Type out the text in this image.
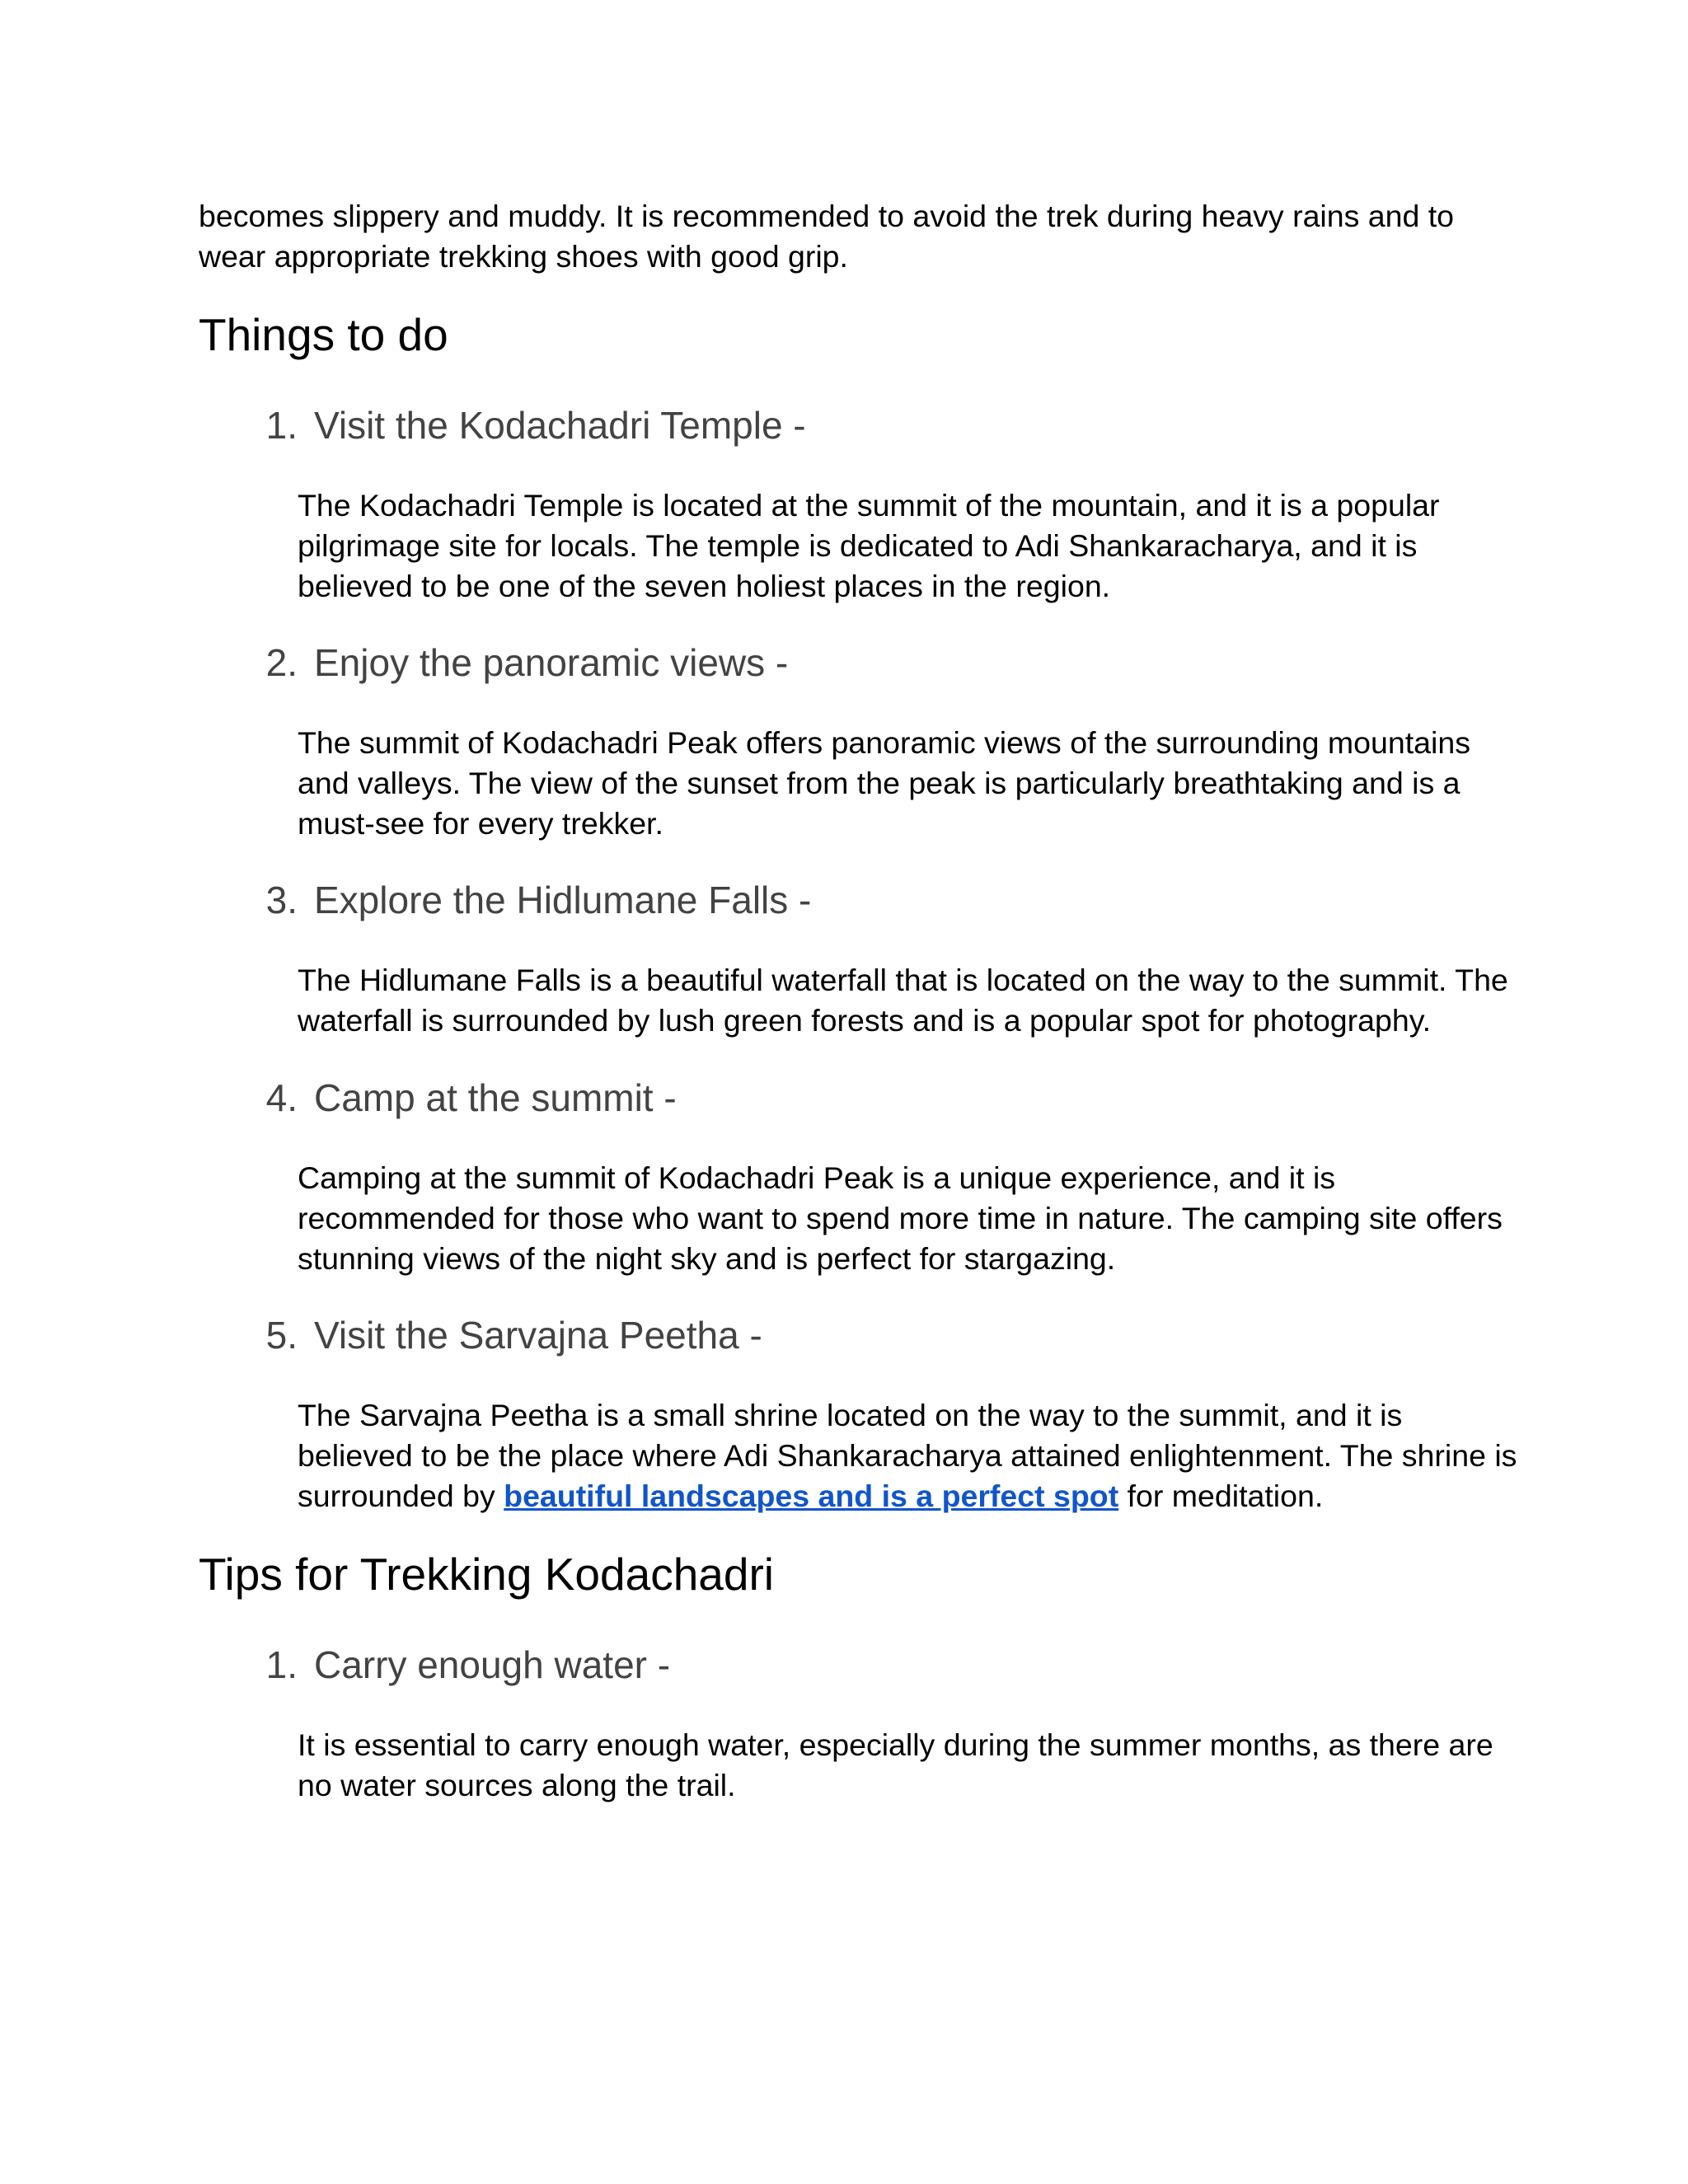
becomes slippery and muddy. It is recommended to avoid the trek during heavy rains and to wear appropriate trekking shoes with good grip.

Things to do
1. Visit the Kodachadri Temple -

The Kodachadri Temple is located at the summit of the mountain, and it is a popular pilgrimage site for locals. The temple is dedicated to Adi Shankaracharya, and it is believed to be one of the seven holiest places in the region.

2. Enjoy the panoramic views -

The summit of Kodachadri Peak offers panoramic views of the surrounding mountains and valleys. The view of the sunset from the peak is particularly breathtaking and is a must-see for every trekker.

3. Explore the Hidlumane Falls -

The Hidlumane Falls is a beautiful waterfall that is located on the way to the summit. The waterfall is surrounded by lush green forests and is a popular spot for photography.

4. Camp at the summit -

Camping at the summit of Kodachadri Peak is a unique experience, and it is recommended for those who want to spend more time in nature. The camping site offers stunning views of the night sky and is perfect for stargazing.

5. Visit the Sarvajna Peetha -

The Sarvajna Peetha is a small shrine located on the way to the summit, and it is believed to be the place where Adi Shankaracharya attained enlightenment. The shrine is surrounded by beautiful landscapes and is a perfect spot for meditation.

Tips for Trekking Kodachadri
1. Carry enough water -

It is essential to carry enough water, especially during the summer months, as there are no water sources along the trail.
